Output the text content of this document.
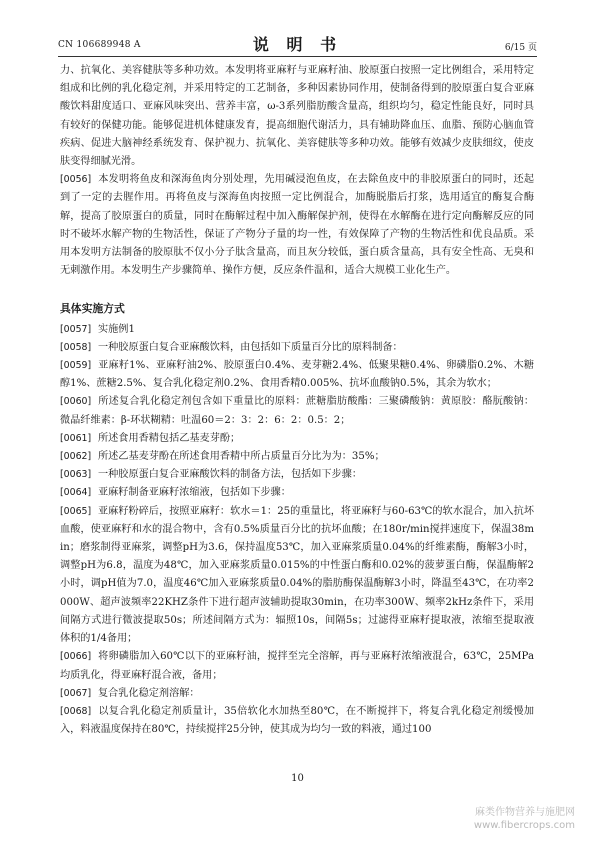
CN 106689948 A	说 明 书	6/15 页

力、抗氧化、美容健肤等多种功效。本发明将亚麻籽与亚麻籽油、胶原蛋白按照一定比例组合，采用特定组成和比例的乳化稳定剂，并采用特定的工艺制备，多种因素协同作用，使制备得到的胶原蛋白复合亚麻酸饮料甜度适口、亚麻风味突出、营养丰富，ω-3系列脂肪酸含量高，组织均匀，稳定性能良好，同时具有较好的保健功能。能够促进机体健康发育，提高细胞代谢活力，具有辅助降血压、血脂、预防心脑血管疾病、促进大脑神经系统发育、保护视力、抗氧化、美容健肤等多种功效。能够有效减少皮肤细纹，使皮肤变得细腻光滑。

[0056] 本发明将鱼皮和深海鱼肉分别处理，先用碱浸泡鱼皮，在去除鱼皮中的非胶原蛋白的同时，还起到了一定的去腥作用。再将鱼皮与深海鱼肉按照一定比例混合，加酶脱脂后打浆，选用适宜的酶复合酶解，提高了胶原蛋白的质量，同时在酶解过程中加入酶解保护剂，使得在水解酶在进行定向酶解反应的同时不破坏水解产物的生物活性，保证了产物分子量的均一性，有效保障了产物的生物活性和优良品质。采用本发明方法制备的胶原肽不仅小分子肽含量高，而且灰分较低，蛋白质含量高，具有安全性高、无臭和无刺激作用。本发明生产步骤简单、操作方便，反应条件温和，适合大规模工业化生产。

具体实施方式

[0057] 实施例1

[0058] 一种胶原蛋白复合亚麻酸饮料，由包括如下质量百分比的原料制备：

[0059] 亚麻籽1%、亚麻籽油2%、胶原蛋白0.4%、麦芽糖2.4%、低聚果糖0.4%、卵磷脂0.2%、木糖醇1%、蔗糖2.5%、复合乳化稳定剂0.2%、食用香精0.005%、抗坏血酸钠0.5%，其余为软水；

[0060] 所述复合乳化稳定剂包含如下重量比的原料：蔗糖脂肪酸酯：三聚磷酸钠：黄原胶：酪朊酸钠：微晶纤维素：β-环状糊精：吐温60＝2：3：2：6：2：0.5：2；

[0061] 所述食用香精包括乙基麦芽酚；

[0062] 所述乙基麦芽酚在所述食用香精中所占质量百分比为为：35%；

[0063] 一种胶原蛋白复合亚麻酸饮料的制备方法，包括如下步骤：

[0064] 亚麻籽制备亚麻籽浓缩液，包括如下步骤：

[0065] 亚麻籽粉碎后，按照亚麻籽：软水＝1：25的重量比，将亚麻籽与60-63℃的软水混合，加入抗坏血酸，使亚麻籽和水的混合物中，含有0.5%质量百分比的抗坏血酸；在180r/min搅拌速度下，保温38min；磨浆制得亚麻浆，调整pH为3.6，保持温度53℃，加入亚麻浆质量0.04%的纤维素酶，酶解3小时，调整pH为6.8，温度为48℃，加入亚麻浆质量0.015%的中性蛋白酶和0.02%的菠萝蛋白酶，保温酶解2小时，调pH值为7.0，温度46℃加入亚麻浆质量0.04%的脂肪酶保温酶解3小时，降温至43℃，在功率2000W、超声波频率22KHZ条件下进行超声波辅助提取30min，在功率300W、频率2kHz条件下，采用间隔方式进行微波提取50s；所述间隔方式为：辐照10s，间隔5s；过滤得亚麻籽提取液，浓缩至提取液体积的1/4备用；

[0066] 将卵磷脂加入60℃以下的亚麻籽油，搅拌至完全溶解，再与亚麻籽浓缩液混合，63℃，25MPa均质乳化，得亚麻籽混合液，备用；

[0067] 复合乳化稳定剂溶解：

[0068] 以复合乳化稳定剂质量计，35倍软化水加热至80℃，在不断搅拌下，将复合乳化稳定剂缓慢加入，料液温度保持在80℃，持续搅拌25分钟，使其成为均匀一致的料液，通过100

10
麻类作物营养与施肥网
www.fibercrops.com
